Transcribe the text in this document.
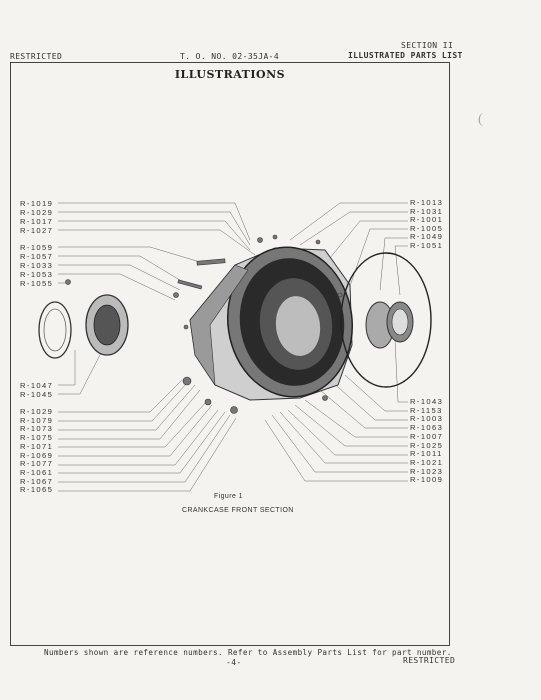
SECTION II
RESTRICTED	T. O. NO. 02-35JA-4	ILLUSTRATED PARTS LIST
ILLUSTRATIONS
R-1019
R-1029
R-1017
R-1027
R-1059
R-1057
R-1033
R-1053
R-1055
R-1047
R-1045
R-1029
R-1079
R-1073
R-1075
R-1071
R-1069
R-1077
R-1061
R-1067
R-1065
R-1013
R-1031
R-1001
R-1005
R-1049
R-1051
R-1043
R-1153
R-1003
R-1063
R-1007
R-1025
R-1011
R-1021
R-1023
R-1009
Figure 1
CRANKCASE FRONT SECTION
Numbers shown are reference numbers. Refer to Assembly Parts List for part number.
-4-	RESTRICTED
(
